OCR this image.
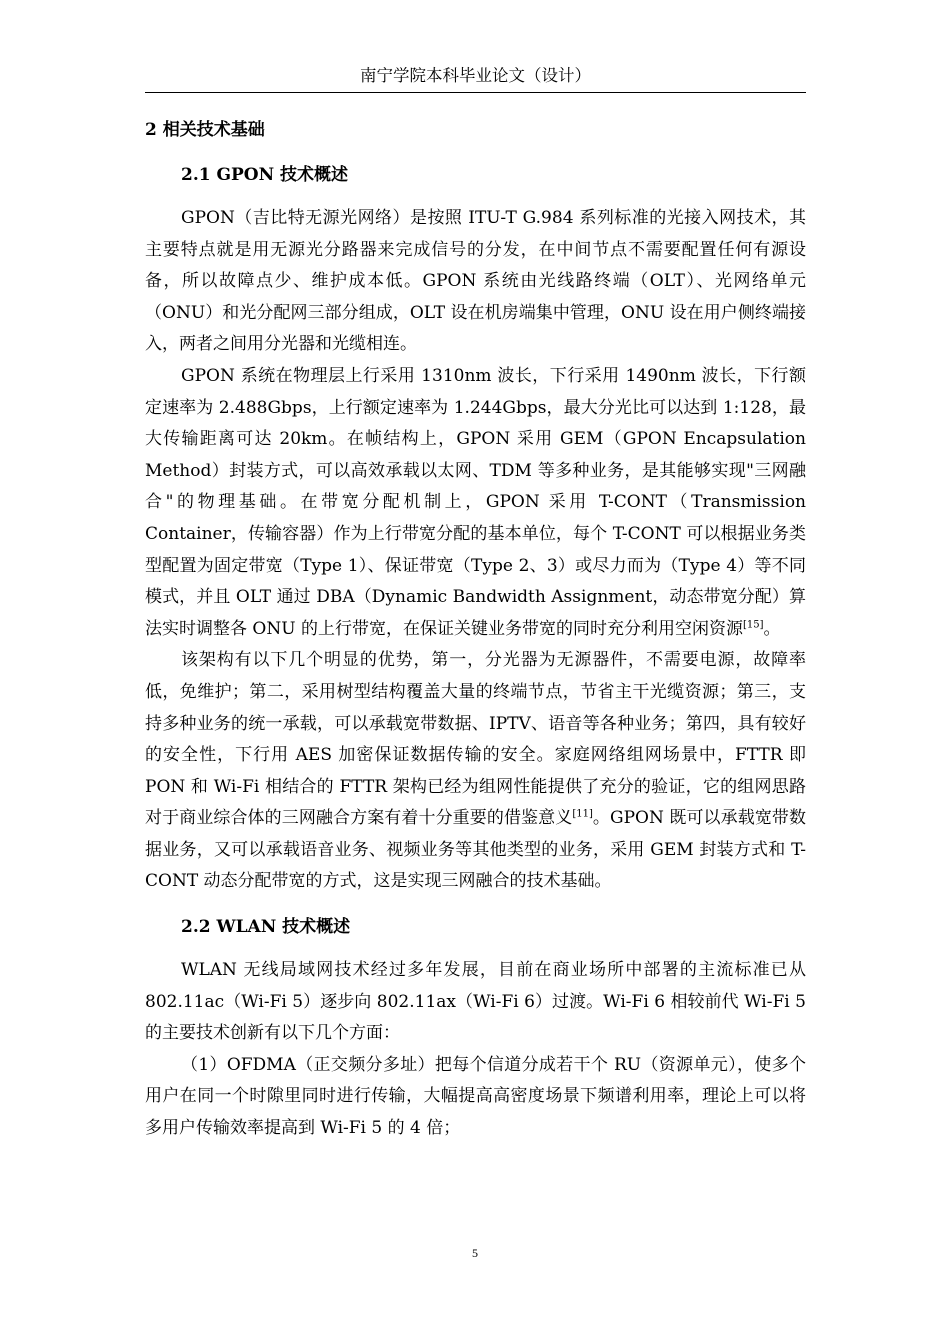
南宁学院本科毕业论文（设计）
2 相关技术基础
2.1 GPON 技术概述

GPON（吉比特无源光网络）是按照 ITU-T G.984 系列标准的光接入网技术，其主要特点就是用无源光分路器来完成信号的分发，在中间节点不需要配置任何有源设备，所以故障点少、维护成本低。GPON 系统由光线路终端（OLT）、光网络单元（ONU）和光分配网三部分组成，OLT 设在机房端集中管理，ONU 设在用户侧终端接入，两者之间用分光器和光缆相连。

GPON 系统在物理层上行采用 1310nm 波长，下行采用 1490nm 波长，下行额定速率为 2.488Gbps，上行额定速率为 1.244Gbps，最大分光比可以达到 1:128，最大传输距离可达 20km。在帧结构上，GPON 采用 GEM（GPON Encapsulation Method）封装方式，可以高效承载以太网、TDM 等多种业务，是其能够实现"三网融合"的物理基础。在带宽分配机制上，GPON 采用 T-CONT（Transmission Container，传输容器）作为上行带宽分配的基本单位，每个 T-CONT 可以根据业务类型配置为固定带宽（Type 1）、保证带宽（Type 2、3）或尽力而为（Type 4）等不同模式，并且 OLT 通过 DBA（Dynamic Bandwidth Assignment，动态带宽分配）算法实时调整各 ONU 的上行带宽，在保证关键业务带宽的同时充分利用空闲资源[15]。

该架构有以下几个明显的优势，第一，分光器为无源器件，不需要电源，故障率低，免维护；第二，采用树型结构覆盖大量的终端节点，节省主干光缆资源；第三，支持多种业务的统一承载，可以承载宽带数据、IPTV、语音等各种业务；第四，具有较好的安全性，下行用 AES 加密保证数据传输的安全。家庭网络组网场景中，FTTR 即 PON 和 Wi-Fi 相结合的 FTTR 架构已经为组网性能提供了充分的验证，它的组网思路对于商业综合体的三网融合方案有着十分重要的借鉴意义[11]。GPON 既可以承载宽带数据业务，又可以承载语音业务、视频业务等其他类型的业务，采用 GEM 封装方式和 T-CONT 动态分配带宽的方式，这是实现三网融合的技术基础。

2.2 WLAN 技术概述

WLAN 无线局域网技术经过多年发展，目前在商业场所中部署的主流标准已从 802.11ac（Wi-Fi 5）逐步向 802.11ax（Wi-Fi 6）过渡。Wi-Fi 6 相较前代 Wi-Fi 5 的主要技术创新有以下几个方面：

（1）OFDMA（正交频分多址）把每个信道分成若干个 RU（资源单元），使多个用户在同一个时隙里同时进行传输，大幅提高高密度场景下频谱利用率，理论上可以将多用户传输效率提高到 Wi-Fi 5 的 4 倍；

5
